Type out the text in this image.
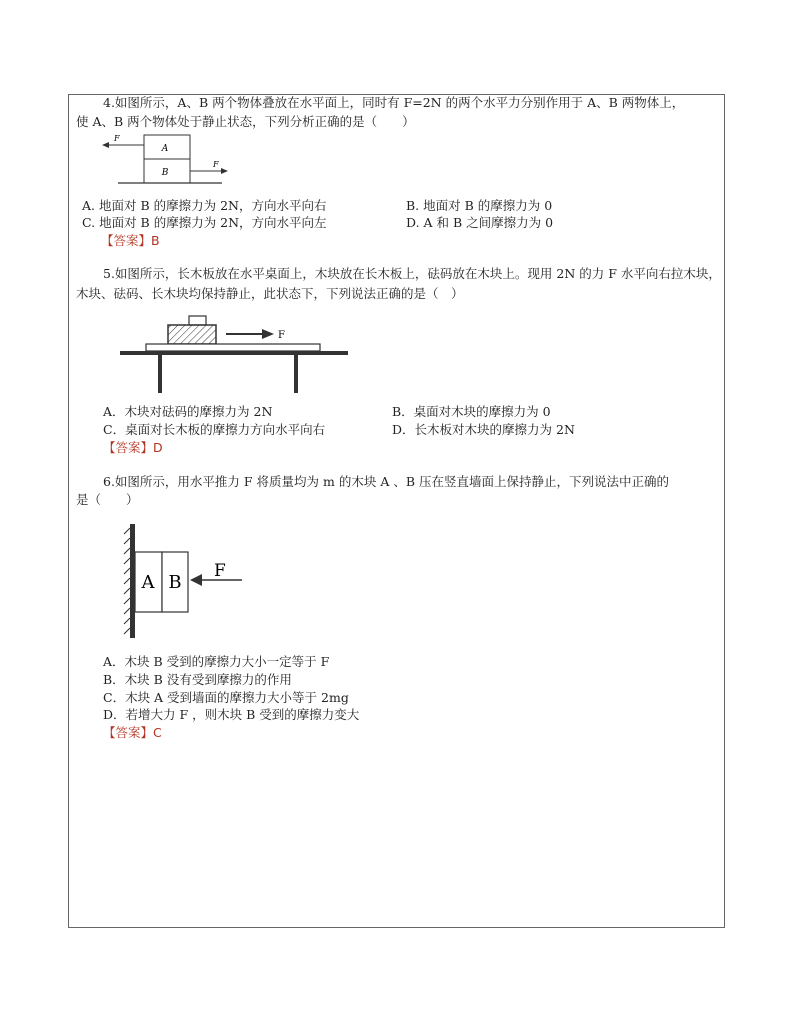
4.如图所示，A、B 两个物体叠放在水平面上，同时有 F=2N 的两个水平力分别作用于 A、B 两物体上，
使 A、B 两个物体处于静止状态，下列分析正确的是（　　）
A
B
F
F
A. 地面对 B 的摩擦力为 2N，方向水平向右	B. 地面对 B 的摩擦力为 0
C. 地面对 B 的摩擦力为 2N，方向水平向左	D. A 和 B 之间摩擦力为 0
【答案】B
5.如图所示，长木板放在水平桌面上，木块放在长木板上，砝码放在木块上。现用 2N 的力 F 水平向右拉木块，
木块、砝码、长木块均保持静止，此状态下，下列说法正确的是（　）
F
A．木块对砝码的摩擦力为 2N	B．桌面对木块的摩擦力为 0
C．桌面对长木板的摩擦力方向水平向右	D．长木板对木块的摩擦力为 2N
【答案】D
6.如图所示，用水平推力 F 将质量均为 m 的木块 A 、B 压在竖直墙面上保持静止，下列说法中正确的
是（　　）
A B
F
A．木块 B 受到的摩擦力大小一定等于 F
B．木块 B 没有受到摩擦力的作用
C．木块 A 受到墙面的摩擦力大小等于 2mg
D．若增大力 F ，则木块 B 受到的摩擦力变大
【答案】C
